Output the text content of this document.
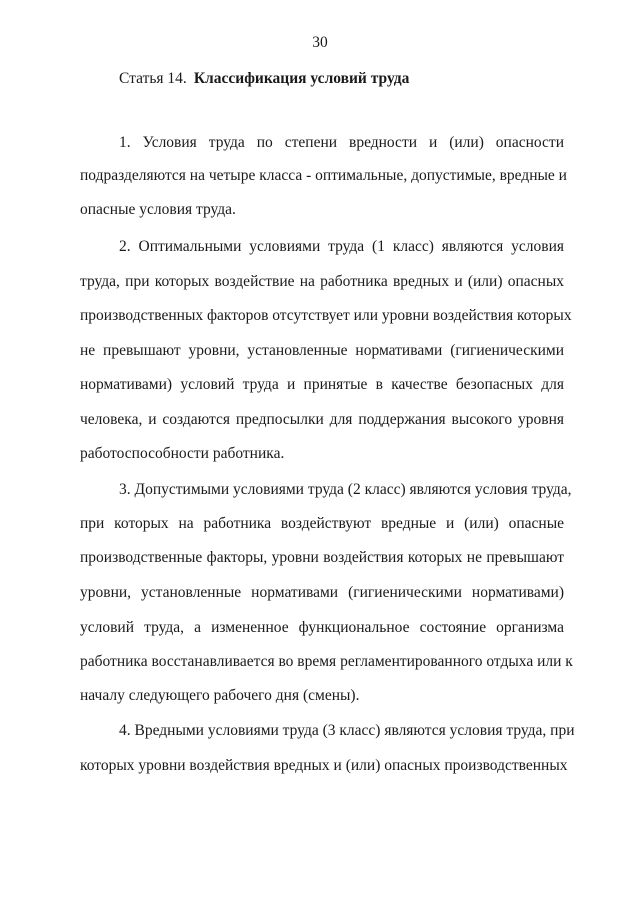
30
Статья 14. Классификация условий труда
1. Условия труда по степени вредности и (или) опасности
подразделяются на четыре класса - оптимальные, допустимые, вредные и
опасные условия труда.
2. Оптимальными условиями труда (1 класс) являются условия
труда, при которых воздействие на работника вредных и (или) опасных
производственных факторов отсутствует или уровни воздействия которых
не превышают уровни, установленные нормативами (гигиеническими
нормативами) условий труда и принятые в качестве безопасных для
человека, и создаются предпосылки для поддержания высокого уровня
работоспособности работника.
3. Допустимыми условиями труда (2 класс) являются условия труда,
при которых на работника воздействуют вредные и (или) опасные
производственные факторы, уровни воздействия которых не превышают
уровни, установленные нормативами (гигиеническими нормативами)
условий труда, а измененное функциональное состояние организма
работника восстанавливается во время регламентированного отдыха или к
началу следующего рабочего дня (смены).
4. Вредными условиями труда (3 класс) являются условия труда, при
которых уровни воздействия вредных и (или) опасных производственных
